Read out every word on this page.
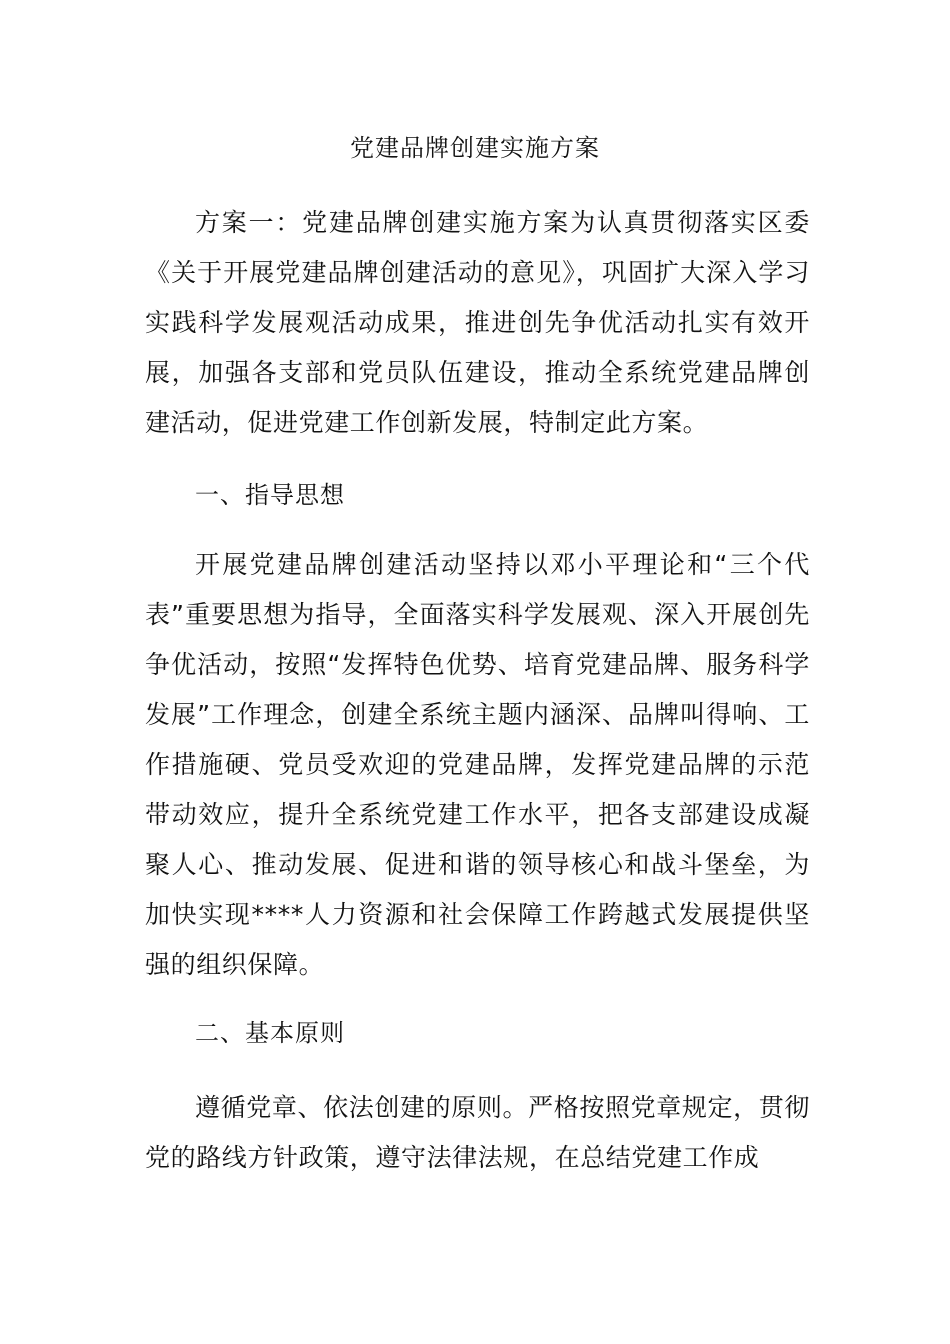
党建品牌创建实施方案

方案一：党建品牌创建实施方案为认真贯彻落实区委《关于开展党建品牌创建活动的意见》，巩固扩大深入学习实践科学发展观活动成果，推进创先争优活动扎实有效开展，加强各支部和党员队伍建设，推动全系统党建品牌创建活动，促进党建工作创新发展，特制定此方案。

一、指导思想

开展党建品牌创建活动坚持以邓小平理论和“三个代表”重要思想为指导，全面落实科学发展观、深入开展创先争优活动，按照“发挥特色优势、培育党建品牌、服务科学发展”工作理念，创建全系统主题内涵深、品牌叫得响、工作措施硬、党员受欢迎的党建品牌，发挥党建品牌的示范带动效应，提升全系统党建工作水平，把各支部建设成凝聚人心、推动发展、促进和谐的领导核心和战斗堡垒，为加快实现****人力资源和社会保障工作跨越式发展提供坚强的组织保障。

二、基本原则

遵循党章、依法创建的原则。严格按照党章规定，贯彻党的路线方针政策，遵守法律法规，在总结党建工作成
